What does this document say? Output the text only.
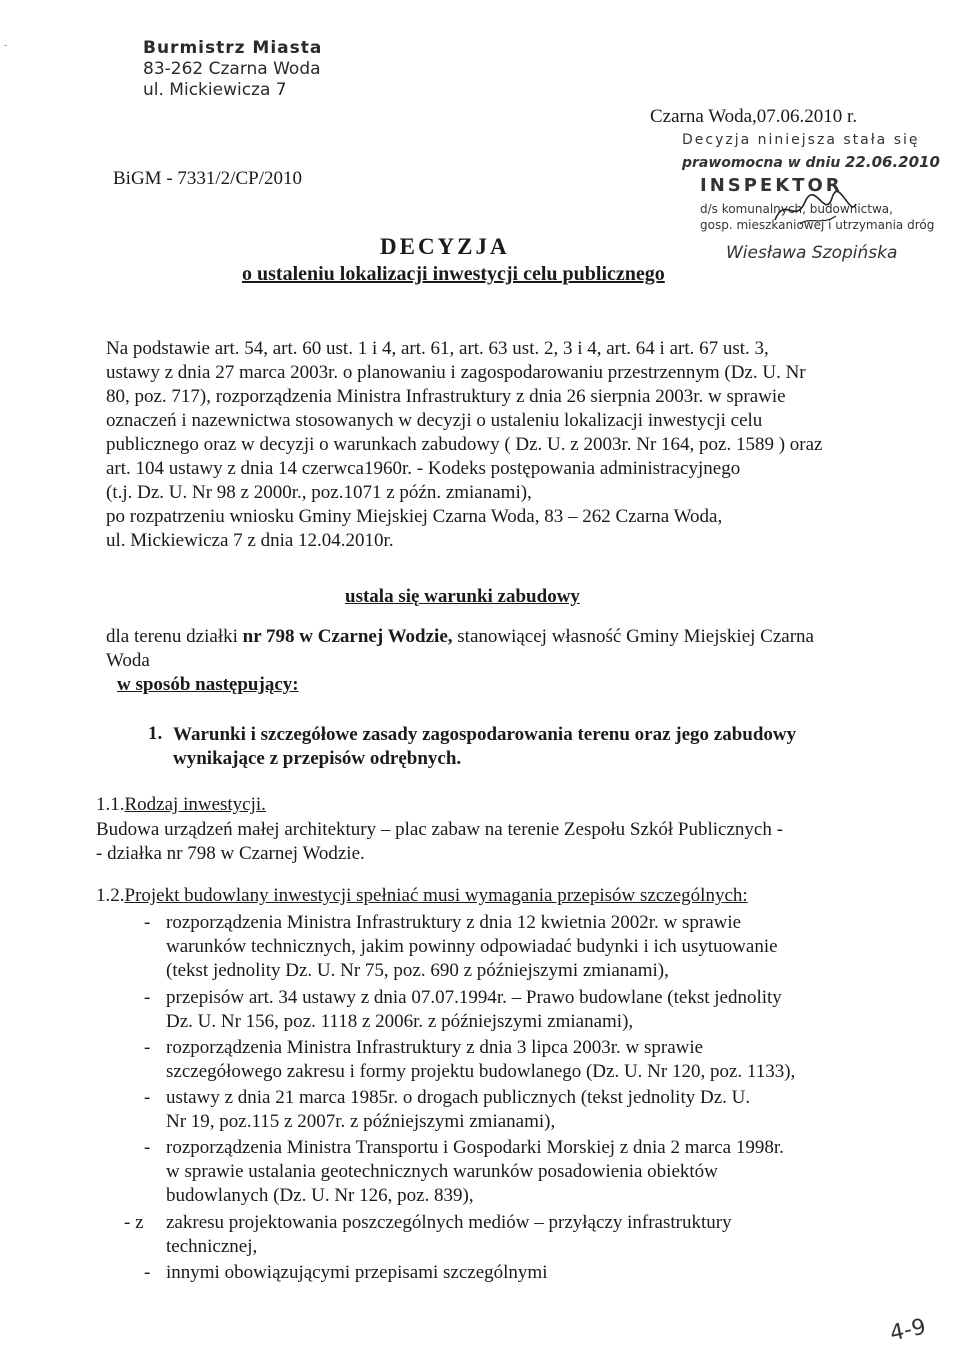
-	Burmistrz Miasta
83-262 Czarna Woda
ul. Mickiewicza 7
Czarna Woda,07.06.2010 r.
BiGM - 7331/2/CP/2010
Decyzja niniejsza stała się
prawomocna w dniu 22.06.2010
INSPEKTOR
d/s komunalnych, budownictwa,
gosp. mieszkaniowej i utrzymania dróg
Wiesława Szopińska
DECYZJA
o ustaleniu lokalizacji inwestycji celu publicznego
Na podstawie art. 54, art. 60 ust. 1 i 4, art. 61, art. 63 ust. 2, 3 i 4, art. 64 i art. 67 ust. 3,
ustawy z dnia 27 marca 2003r. o planowaniu i zagospodarowaniu przestrzennym (Dz. U. Nr
80, poz. 717), rozporządzenia Ministra Infrastruktury z dnia 26 sierpnia 2003r. w sprawie
oznaczeń i nazewnictwa stosowanych w decyzji o ustaleniu lokalizacji inwestycji celu
publicznego oraz w decyzji o warunkach zabudowy ( Dz. U. z 2003r. Nr 164, poz. 1589 ) oraz
art. 104 ustawy z dnia 14 czerwca1960r. - Kodeks postępowania administracyjnego
(t.j. Dz. U. Nr 98 z 2000r., poz.1071 z późn. zmianami),
po rozpatrzeniu wniosku Gminy Miejskiej Czarna Woda, 83 – 262 Czarna Woda,
ul. Mickiewicza 7 z dnia 12.04.2010r.
ustala się warunki zabudowy
dla terenu działki nr 798 w Czarnej Wodzie, stanowiącej własność Gminy Miejskiej Czarna
Woda
w sposób następujący:
1. Warunki i szczegółowe zasady zagospodarowania terenu oraz jego zabudowy
wynikające z przepisów odrębnych.
1.1.Rodzaj inwestycji.
Budowa urządzeń małej architektury – plac zabaw na terenie Zespołu Szkół Publicznych -
- działka nr 798 w Czarnej Wodzie.
1.2.Projekt budowlany inwestycji spełniać musi wymagania przepisów szczególnych:
- rozporządzenia Ministra Infrastruktury z dnia 12 kwietnia 2002r. w sprawie
warunków technicznych, jakim powinny odpowiadać budynki i ich usytuowanie
(tekst jednolity Dz. U. Nr 75, poz. 690 z późniejszymi zmianami),
- przepisów art. 34 ustawy z dnia 07.07.1994r. – Prawo budowlane (tekst jednolity
Dz. U. Nr 156, poz. 1118 z 2006r. z późniejszymi zmianami),
- rozporządzenia Ministra Infrastruktury z dnia 3 lipca 2003r. w sprawie
szczegółowego zakresu i formy projektu budowlanego (Dz. U. Nr 120, poz. 1133),
- ustawy z dnia 21 marca 1985r. o drogach publicznych (tekst jednolity Dz. U.
Nr 19, poz.115 z 2007r. z późniejszymi zmianami),
- rozporządzenia Ministra Transportu i Gospodarki Morskiej z dnia 2 marca 1998r.
w sprawie ustalania geotechnicznych warunków posadowienia obiektów
budowlanych (Dz. U. Nr 126, poz. 839),
- z zakresu projektowania poszczególnych mediów – przyłączy infrastruktury
technicznej,
- innymi obowiązującymi przepisami szczególnymi
4-9
